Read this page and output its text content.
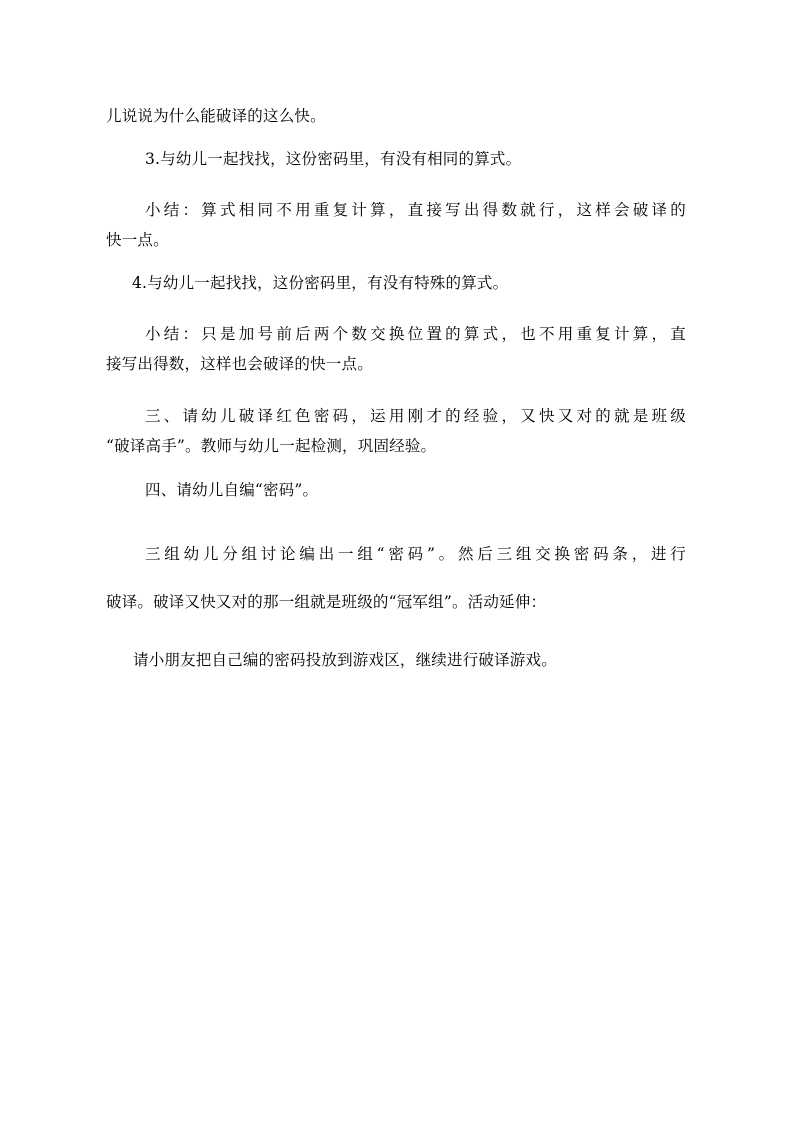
儿说说为什么能破译的这么快。
3.与幼儿一起找找，这份密码里，有没有相同的算式。
小结：算式相同不用重复计算，直接写出得数就行，这样会破译的
快一点。
4.与幼儿一起找找，这份密码里，有没有特殊的算式。
小结：只是加号前后两个数交换位置的算式，也不用重复计算，直
接写出得数，这样也会破译的快一点。
三、请幼儿破译红色密码，运用刚才的经验，又快又对的就是班级
“破译高手”。教师与幼儿一起检测，巩固经验。
四、请幼儿自编“密码”。
三组幼儿分组讨论编出一组“密码”。然后三组交换密码条，进行
破译。破译又快又对的那一组就是班级的“冠军组”。活动延伸：
请小朋友把自己编的密码投放到游戏区，继续进行破译游戏。
